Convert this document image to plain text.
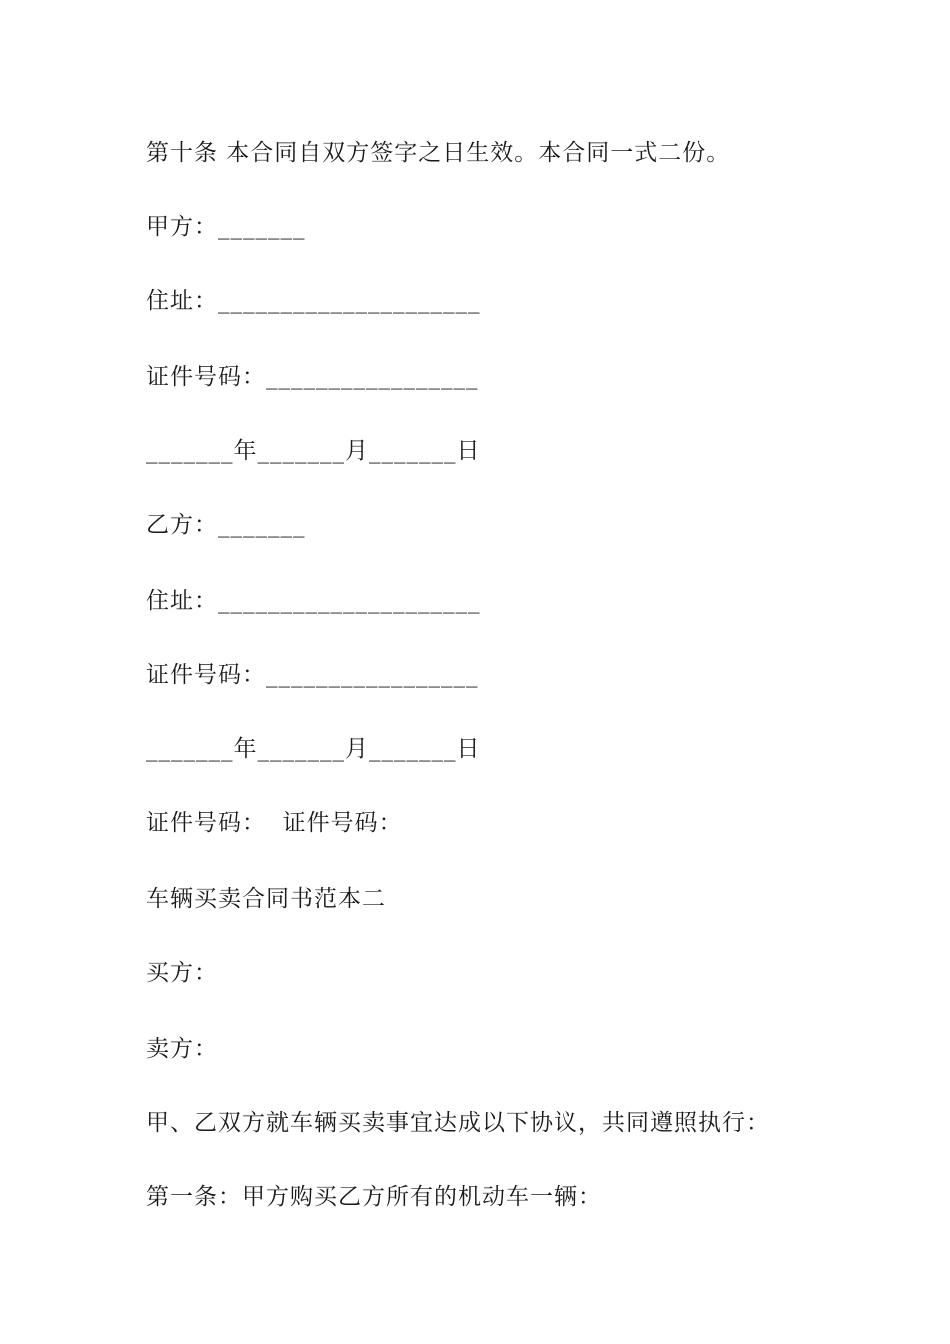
第十条 本合同自双方签字之日生效。本合同一式二份。
甲方：_______
住址：_____________________
证件号码：_________________
_______年_______月_______日
乙方：_______
住址：_____________________
证件号码：_________________
_______年_______月_______日
证件号码：  证件号码：
车辆买卖合同书范本二
买方：
卖方：
甲、乙双方就车辆买卖事宜达成以下协议，共同遵照执行：
第一条：甲方购买乙方所有的机动车一辆：
